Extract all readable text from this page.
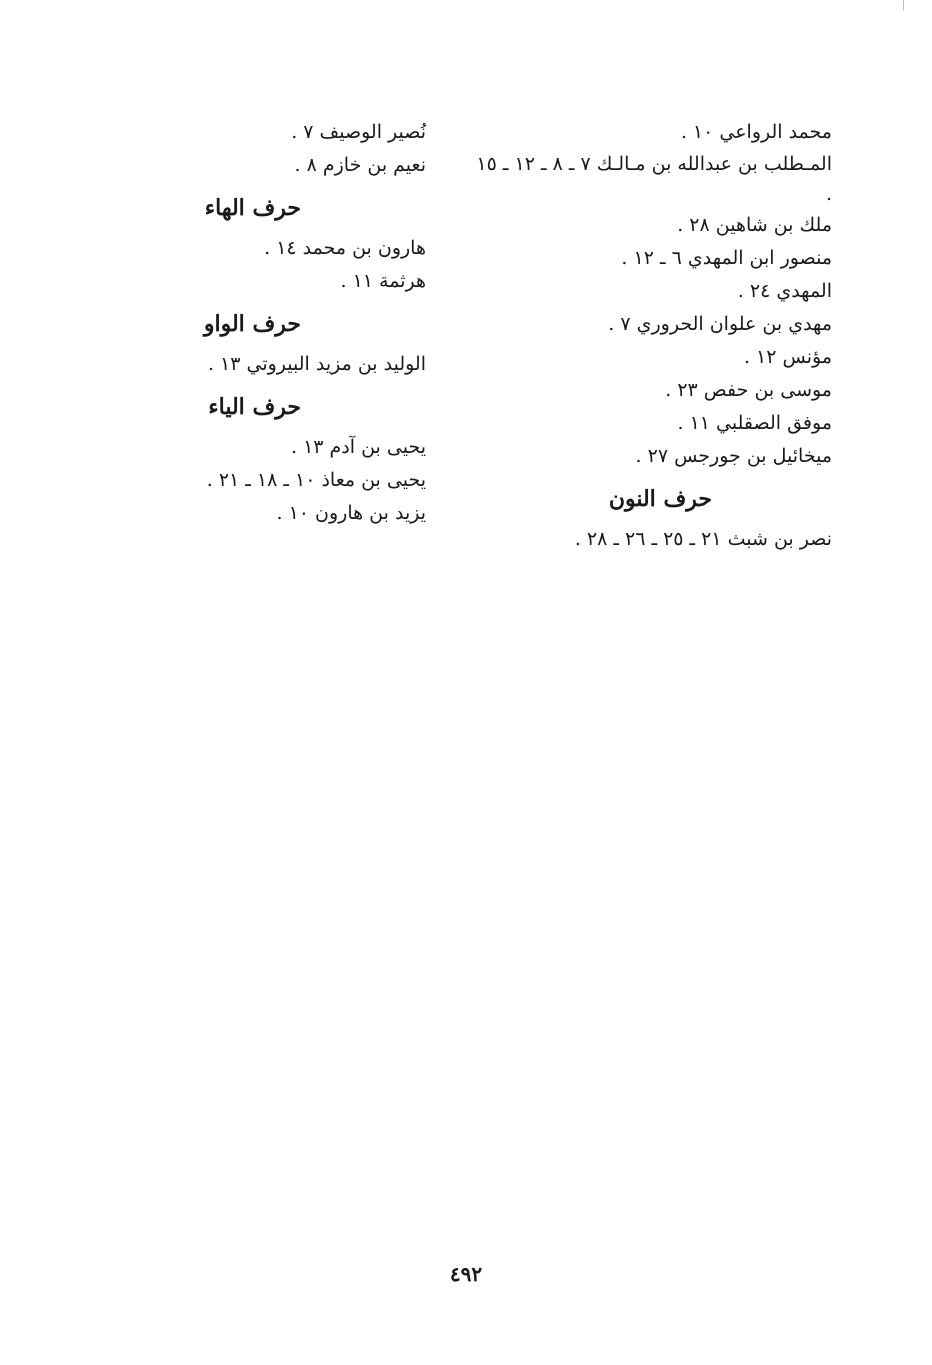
محمد الرواعي ١٠ .
المـطلب بن عبدالله بن مـالـك ٧ ـ ٨ ـ ١٢ ـ ١٥ .
ملك بن شاهين ٢٨ .
منصور ابن المهدي ٦ ـ ١٢ .
المهدي ٢٤ .
مهدي بن علوان الحروري ٧ .
مؤنس ١٢ .
موسى بن حفص ٢٣ .
موفق الصقلبي ١١ .
ميخائيل بن جورجس ٢٧ .
حرف النون
نصر بن شبث ٢١ ـ ٢٥ ـ ٢٦ ـ ٢٨ .
نُصير الوصيف ٧ .
نعيم بن خازم ٨ .
حرف الهاء
هارون بن محمد ١٤ .
هرثمة ١١ .
حرف الواو
الوليد بن مزيد البيروتي ١٣ .
حرف الياء
يحيى بن آدم ١٣ .
يحيى بن معاذ ١٠ ـ ١٨ ـ ٢١ .
يزيد بن هارون ١٠ .
٤٩٢
